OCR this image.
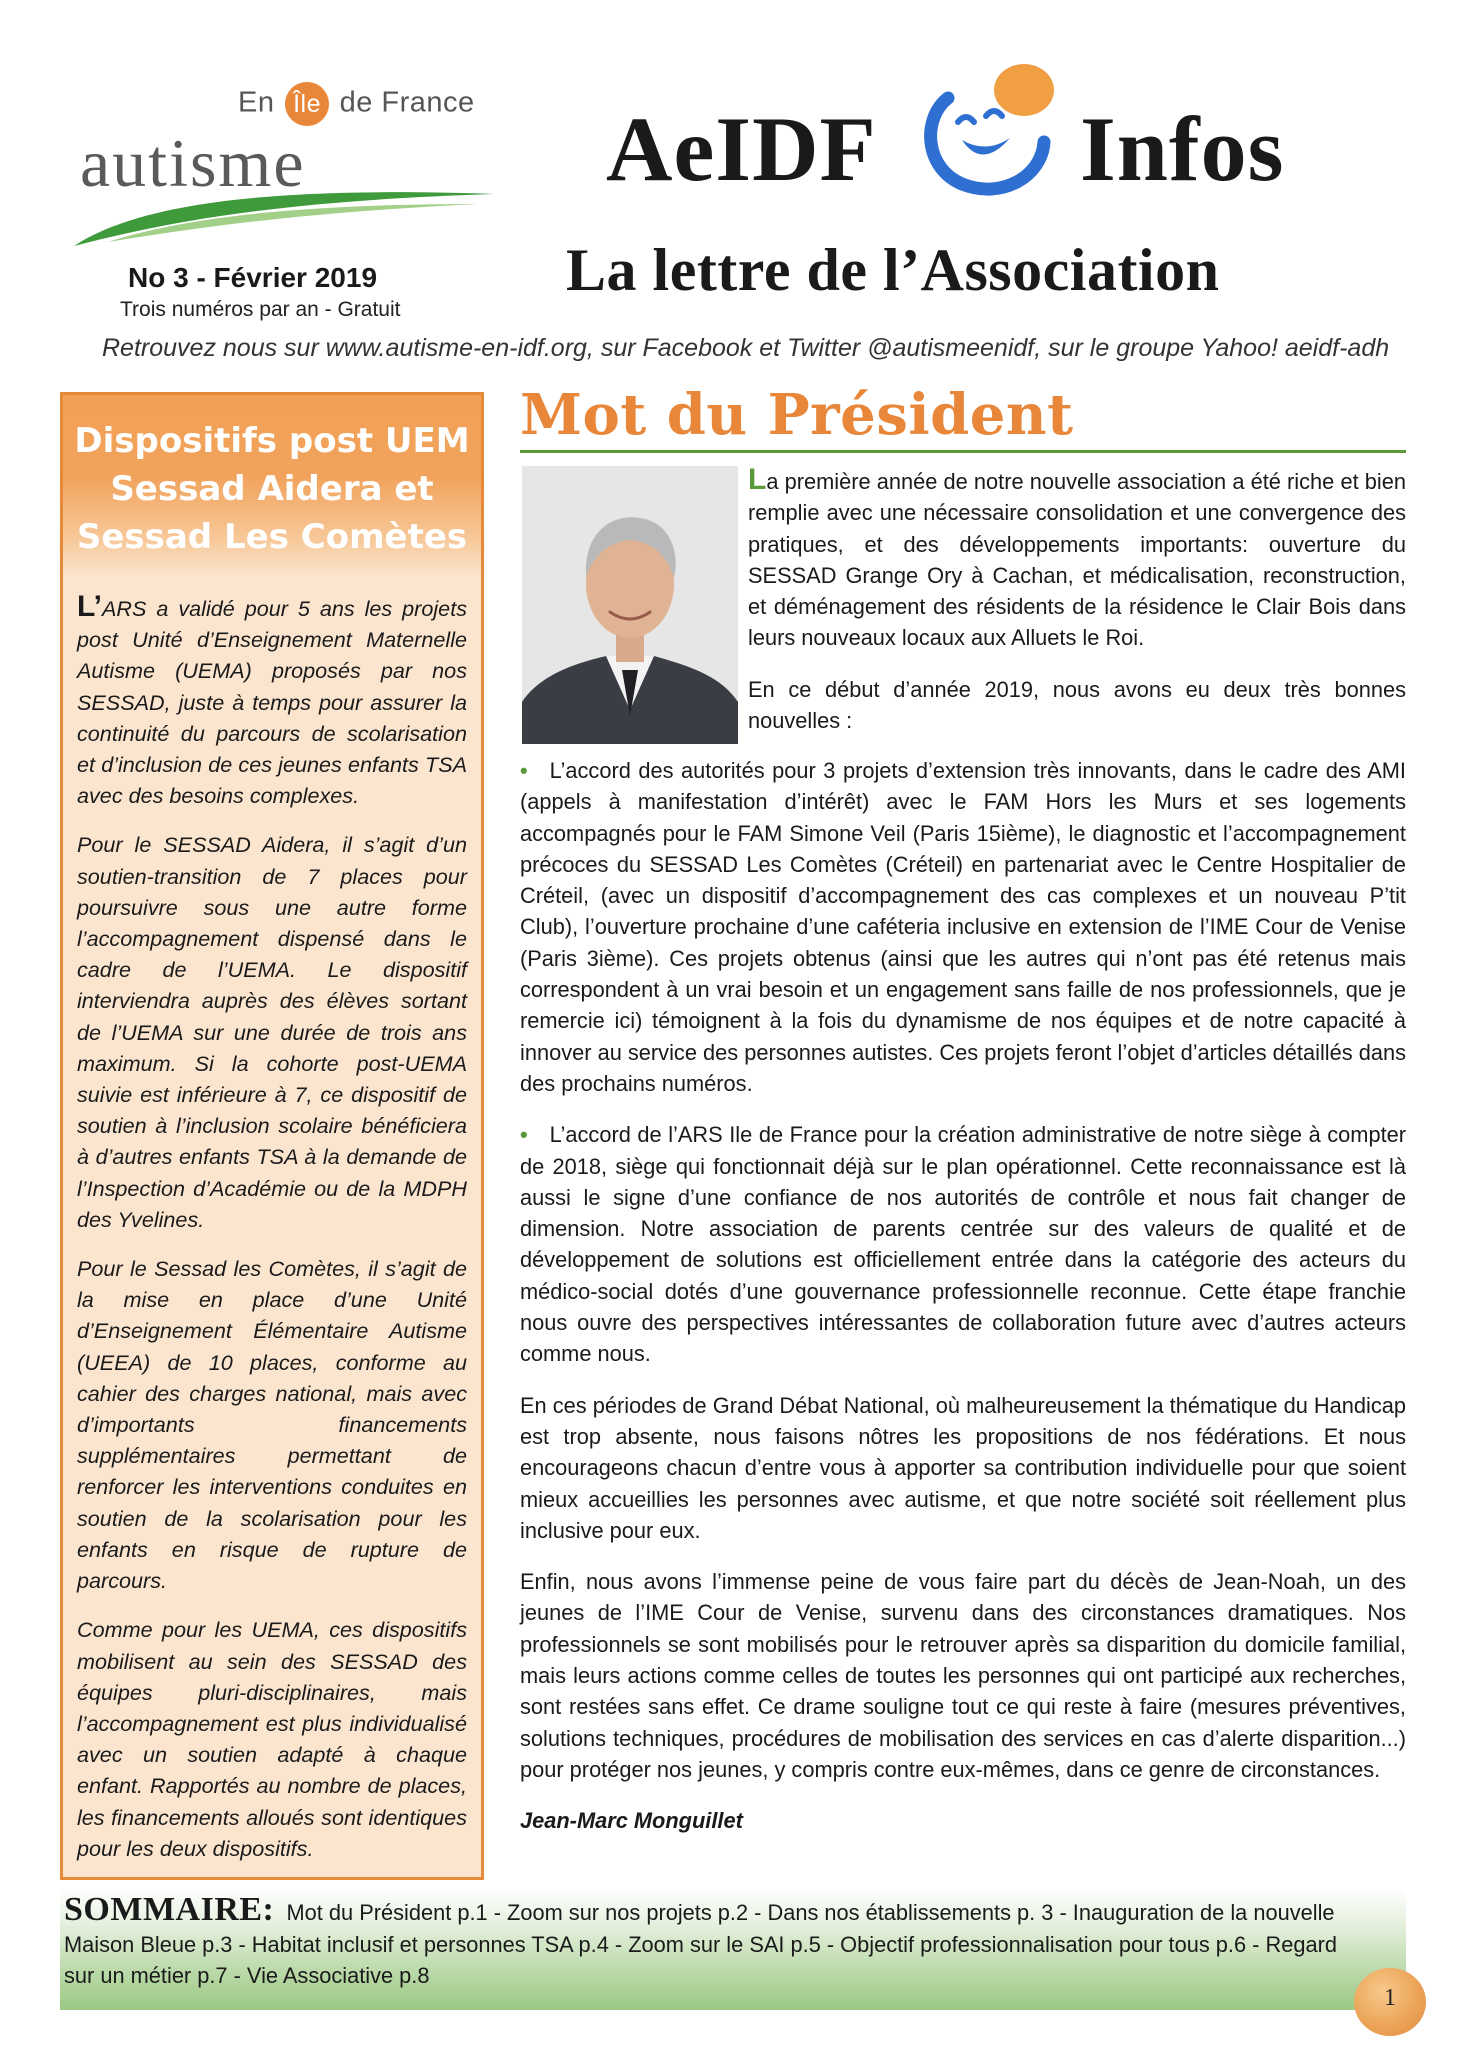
En Île de France
autisme
No 3 - Février 2019
Trois numéros par an - Gratuit
AeIDF Infos
La lettre de l’Association
Retrouvez nous sur www.autisme-en-idf.org, sur Facebook et Twitter @autismeenidf, sur le groupe Yahoo! aeidf-adh
Dispositifs post UEM
Sessad Aidera et
Sessad Les Comètes

L’ARS a validé pour 5 ans les projets post Unité d’Enseignement Maternelle Autisme (UEMA) proposés par nos SESSAD, juste à temps pour assurer la continuité du parcours de scolarisation et d’inclusion de ces jeunes enfants TSA avec des besoins complexes.

Pour le SESSAD Aidera, il s’agit d’un soutien-transition de 7 places pour poursuivre sous une autre forme l’accompagnement dispensé dans le cadre de l’UEMA. Le dispositif interviendra auprès des élèves sortant de l’UEMA sur une durée de trois ans maximum. Si la cohorte post-UEMA suivie est inférieure à 7, ce dispositif de soutien à l’inclusion scolaire bénéficiera à d’autres enfants TSA à la demande de l’Inspection d’Académie ou de la MDPH des Yvelines.

Pour le Sessad les Comètes, il s’agit de la mise en place d’une Unité d’Enseignement Élémentaire Autisme (UEEA) de 10 places, conforme au cahier des charges national, mais avec d’importants financements supplémentaires permettant de renforcer les interventions conduites en soutien de la scolarisation pour les enfants en risque de rupture de parcours.

Comme pour les UEMA, ces dispositifs mobilisent au sein des SESSAD des équipes pluri-disciplinaires, mais l’accompagnement est plus individualisé avec un soutien adapté à chaque enfant. Rapportés au nombre de places, les financements alloués sont identiques pour les deux dispositifs.

Mot du Président

La première année de notre nouvelle association a été riche et bien remplie avec une nécessaire consolidation et une convergence des pratiques, et des développements importants: ouverture du SESSAD Grange Ory à Cachan, et médicalisation, reconstruction, et déménagement des résidents de la résidence le Clair Bois dans leurs nouveaux locaux aux Alluets le Roi.

En ce début d’année 2019, nous avons eu deux très bonnes nouvelles :

• L’accord des autorités pour 3 projets d’extension très innovants, dans le cadre des AMI (appels à manifestation d’intérêt) avec le FAM Hors les Murs et ses logements accompagnés pour le FAM Simone Veil (Paris 15ième), le diagnostic et l’accompagnement précoces du SESSAD Les Comètes (Créteil) en partenariat avec le Centre Hospitalier de Créteil, (avec un dispositif d’accompagnement des cas complexes et un nouveau P’tit Club), l’ouverture prochaine d’une caféteria inclusive en extension de l’IME Cour de Venise (Paris 3ième). Ces projets obtenus (ainsi que les autres qui n’ont pas été retenus mais correspondent à un vrai besoin et un engagement sans faille de nos professionnels, que je remercie ici) témoignent à la fois du dynamisme de nos équipes et de notre capacité à innover au service des personnes autistes. Ces projets feront l’objet d’articles détaillés dans des prochains numéros.

• L’accord de l’ARS Ile de France pour la création administrative de notre siège à compter de 2018, siège qui fonctionnait déjà sur le plan opérationnel. Cette reconnaissance est là aussi le signe d’une confiance de nos autorités de contrôle et nous fait changer de dimension. Notre association de parents centrée sur des valeurs de qualité et de développement de solutions est officiellement entrée dans la catégorie des acteurs du médico-social dotés d’une gouvernance professionnelle reconnue. Cette étape franchie nous ouvre des perspectives intéressantes de collaboration future avec d’autres acteurs comme nous.

En ces périodes de Grand Débat National, où malheureusement la thématique du Handicap est trop absente, nous faisons nôtres les propositions de nos fédérations. Et nous encourageons chacun d’entre vous à apporter sa contribution individuelle pour que soient mieux accueillies les personnes avec autisme, et que notre société soit réellement plus inclusive pour eux.

Enfin, nous avons l’immense peine de vous faire part du décès de Jean-Noah, un des jeunes de l’IME Cour de Venise, survenu dans des circonstances dramatiques. Nos professionnels se sont mobilisés pour le retrouver après sa disparition du domicile familial, mais leurs actions comme celles de toutes les personnes qui ont participé aux recherches, sont restées sans effet. Ce drame souligne tout ce qui reste à faire (mesures préventives, solutions techniques, procédures de mobilisation des services en cas d’alerte disparition...) pour protéger nos jeunes, y compris contre eux-mêmes, dans ce genre de circonstances.

Jean-Marc Monguillet
SOMMAIRE: Mot du Président p.1 - Zoom sur nos projets p.2 - Dans nos établissements p. 3 - Inauguration de la nouvelle Maison Bleue p.3 - Habitat inclusif et personnes TSA p.4 - Zoom sur le SAI p.5 - Objectif professionnalisation pour tous p.6 - Regard sur un métier p.7 - Vie Associative p.8
1
